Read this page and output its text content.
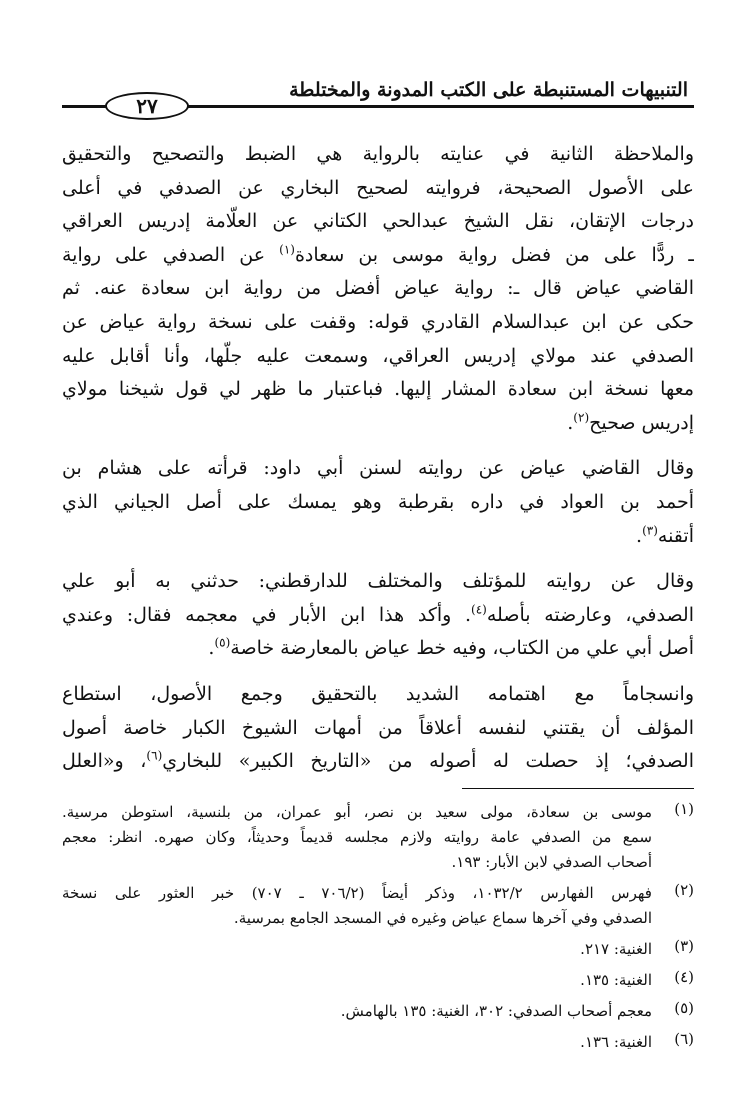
التنبيهات المستنبطة على الكتب المدونة والمختلطة
٢٧
والملاحظة الثانية في عنايته بالرواية هي الضبط والتصحيح والتحقيق
على الأصول الصحيحة، فروايته لصحيح البخاري عن الصدفي في أعلى
درجات الإتقان، نقل الشيخ عبدالحي الكتاني عن العلّامة إدريس العراقي
ـ ردًّا على من فضل رواية موسى بن سعادة$^{(١)}$ عن الصدفي على رواية
القاضي عياض قال ـ: رواية عياض أفضل من رواية ابن سعادة عنه. ثم
حكى عن ابن عبدالسلام القادري قوله: وقفت على نسخة رواية عياض عن
الصدفي عند مولاي إدريس العراقي، وسمعت عليه جلّها، وأنا أقابل عليه
معها نسخة ابن سعادة المشار إليها. فباعتبار ما ظهر لي قول شيخنا مولاي
إدريس صحيح$^{(٢)}$.
وقال القاضي عياض عن روايته لسنن أبي داود: قرأته على هشام بن
أحمد بن العواد في داره بقرطبة وهو يمسك على أصل الجياني الذي
أتقنه$^{(٣)}$.
وقال عن روايته للمؤتلف والمختلف للدارقطني: حدثني به أبو علي
الصدفي، وعارضته بأصله$^{(٤)}$. وأكد هذا ابن الأبار في معجمه فقال: وعندي
أصل أبي علي من الكتاب، وفيه خط عياض بالمعارضة خاصة$^{(٥)}$.
وانسجاماً مع اهتمامه الشديد بالتحقيق وجمع الأصول، استطاع
المؤلف أن يقتني لنفسه أعلاقاً من أمهات الشيوخ الكبار خاصة أصول
الصدفي؛ إذ حصلت له أصوله من «التاريخ الكبير» للبخاري$^{(٦)}$، و«العلل
(١)
موسى بن سعادة، مولى سعيد بن نصر، أبو عمران، من بلنسية، استوطن مرسية.
سمع من الصدفي عامة روايته ولازم مجلسه قديماً وحديثاً، وكان صهره. انظر: معجم
أصحاب الصدفي لابن الأبار: ١٩٣.
(٢)
فهرس الفهارس ١٠٣٢/٢، وذكر أيضاً (٧٠٦/٢ ـ ٧٠٧) خبر العثور على نسخة
الصدفي وفي آخرها سماع عياض وغيره في المسجد الجامع بمرسية.
(٣)
الغنية: ٢١٧.
(٤)
الغنية: ١٣٥.
(٥)
معجم أصحاب الصدفي: ٣٠٢، الغنية: ١٣٥ بالهامش.
(٦)
الغنية: ١٣٦.
